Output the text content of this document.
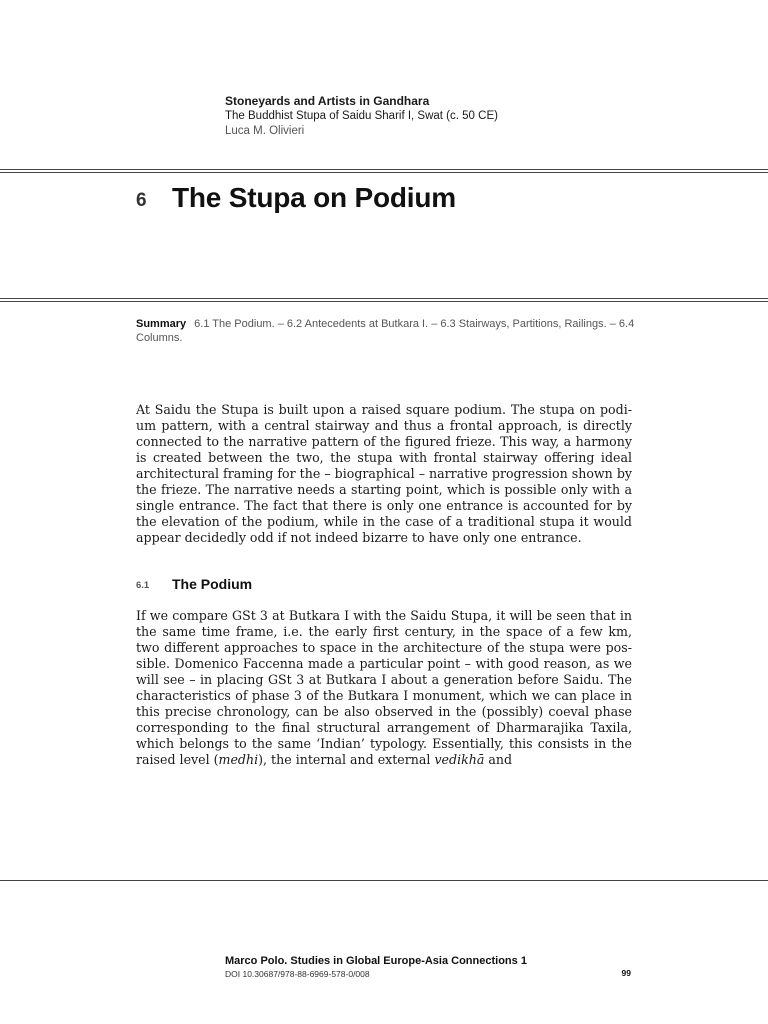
Stoneyards and Artists in Gandhara
The Buddhist Stupa of Saidu Sharif I, Swat (c. 50 CE)
Luca M. Olivieri
6 The Stupa on Podium
Summary 6.1 The Podium. – 6.2 Antecedents at Butkara I. – 6.3 Stairways, Partitions, Railings. – 6.4 Columns.

At Saidu the Stupa is built upon a raised square podium. The stupa on podium pattern, with a central stairway and thus a frontal approach, is directly connected to the narrative pattern of the figured frieze. This way, a harmony is created between the two, the stupa with frontal stairway offering ideal architectural framing for the – biographical – narrative progression shown by the frieze. The narrative needs a starting point, which is possible only with a single entrance. The fact that there is only one entrance is accounted for by the elevation of the podium, while in the case of a traditional stupa it would appear decidedly odd if not indeed bizarre to have only one entrance.

6.1 The Podium

If we compare GSt 3 at Butkara I with the Saidu Stupa, it will be seen that in the same time frame, i.e. the early first century, in the space of a few km, two different approaches to space in the architecture of the stupa were possible. Domenico Faccenna made a particular point – with good reason, as we will see – in placing GSt 3 at Butkara I about a generation before Saidu. The characteristics of phase 3 of the Butkara I monument, which we can place in this precise chronology, can be also observed in the (possibly) coeval phase corresponding to the final structural arrangement of Dharmarajika Taxila, which belongs to the same ‘Indian’ typology. Essentially, this consists in the raised level (medhi), the internal and external vedikhā and

Marco Polo. Studies in Global Europe-Asia Connections 1
DOI 10.30687/978-88-6969-578-0/008	99
